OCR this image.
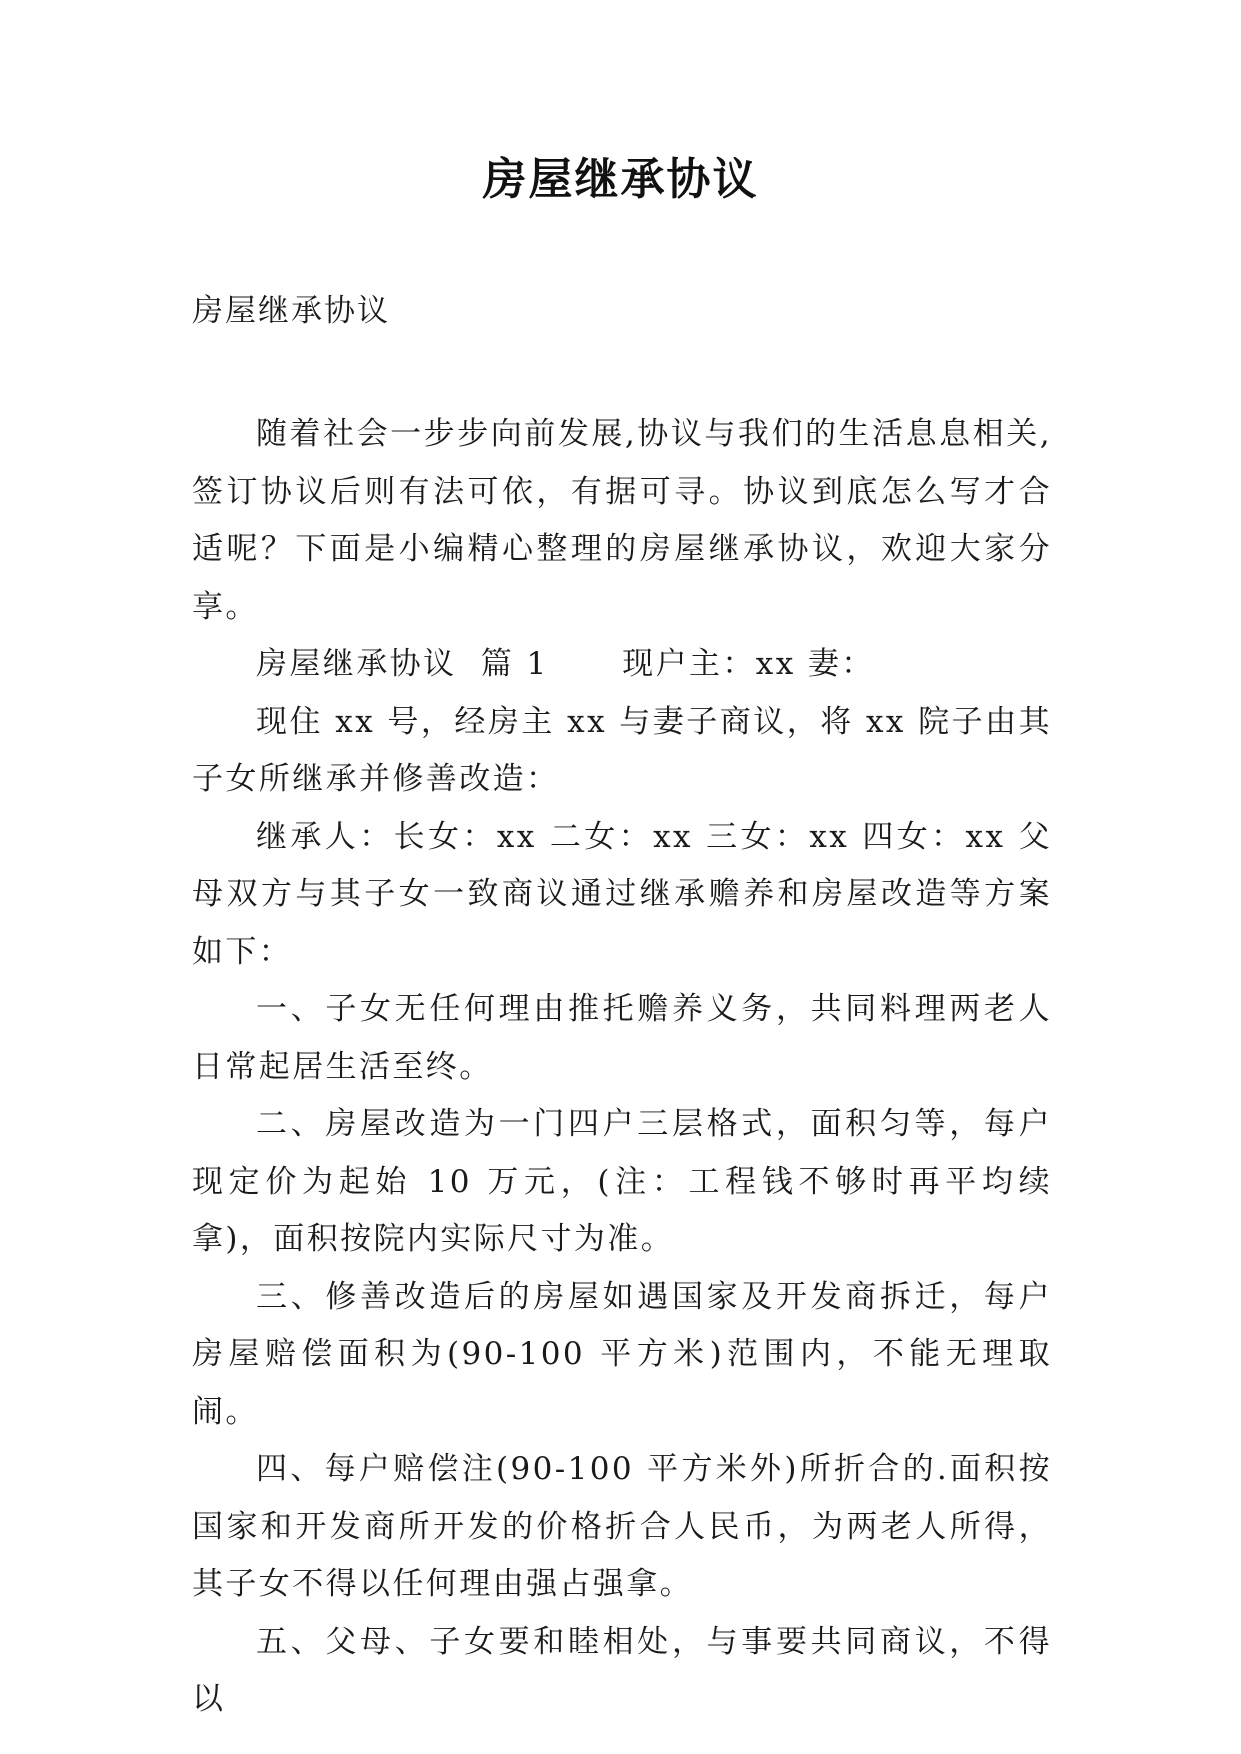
房屋继承协议

房屋继承协议

随着社会一步步向前发展,协议与我们的生活息息相关,签订协议后则有法可依，有据可寻。协议到底怎么写才合适呢？下面是小编精心整理的房屋继承协议，欢迎大家分享。

房屋继承协议  篇 1      现户主：xx 妻：

现住 xx 号，经房主 xx 与妻子商议，将 xx 院子由其子女所继承并修善改造：

继承人：长女：xx 二女：xx 三女：xx 四女：xx 父母双方与其子女一致商议通过继承赡养和房屋改造等方案如下：

一、子女无任何理由推托赡养义务，共同料理两老人日常起居生活至终。

二、房屋改造为一门四户三层格式，面积匀等，每户现定价为起始 10 万元，(注：工程钱不够时再平均续拿)，面积按院内实际尺寸为准。

三、修善改造后的房屋如遇国家及开发商拆迁，每户房屋赔偿面积为(90-100 平方米)范围内，不能无理取闹。

四、每户赔偿注(90-100 平方米外)所折合的.面积按国家和开发商所开发的价格折合人民币，为两老人所得，其子女不得以任何理由强占强拿。

五、父母、子女要和睦相处，与事要共同商议，不得以
